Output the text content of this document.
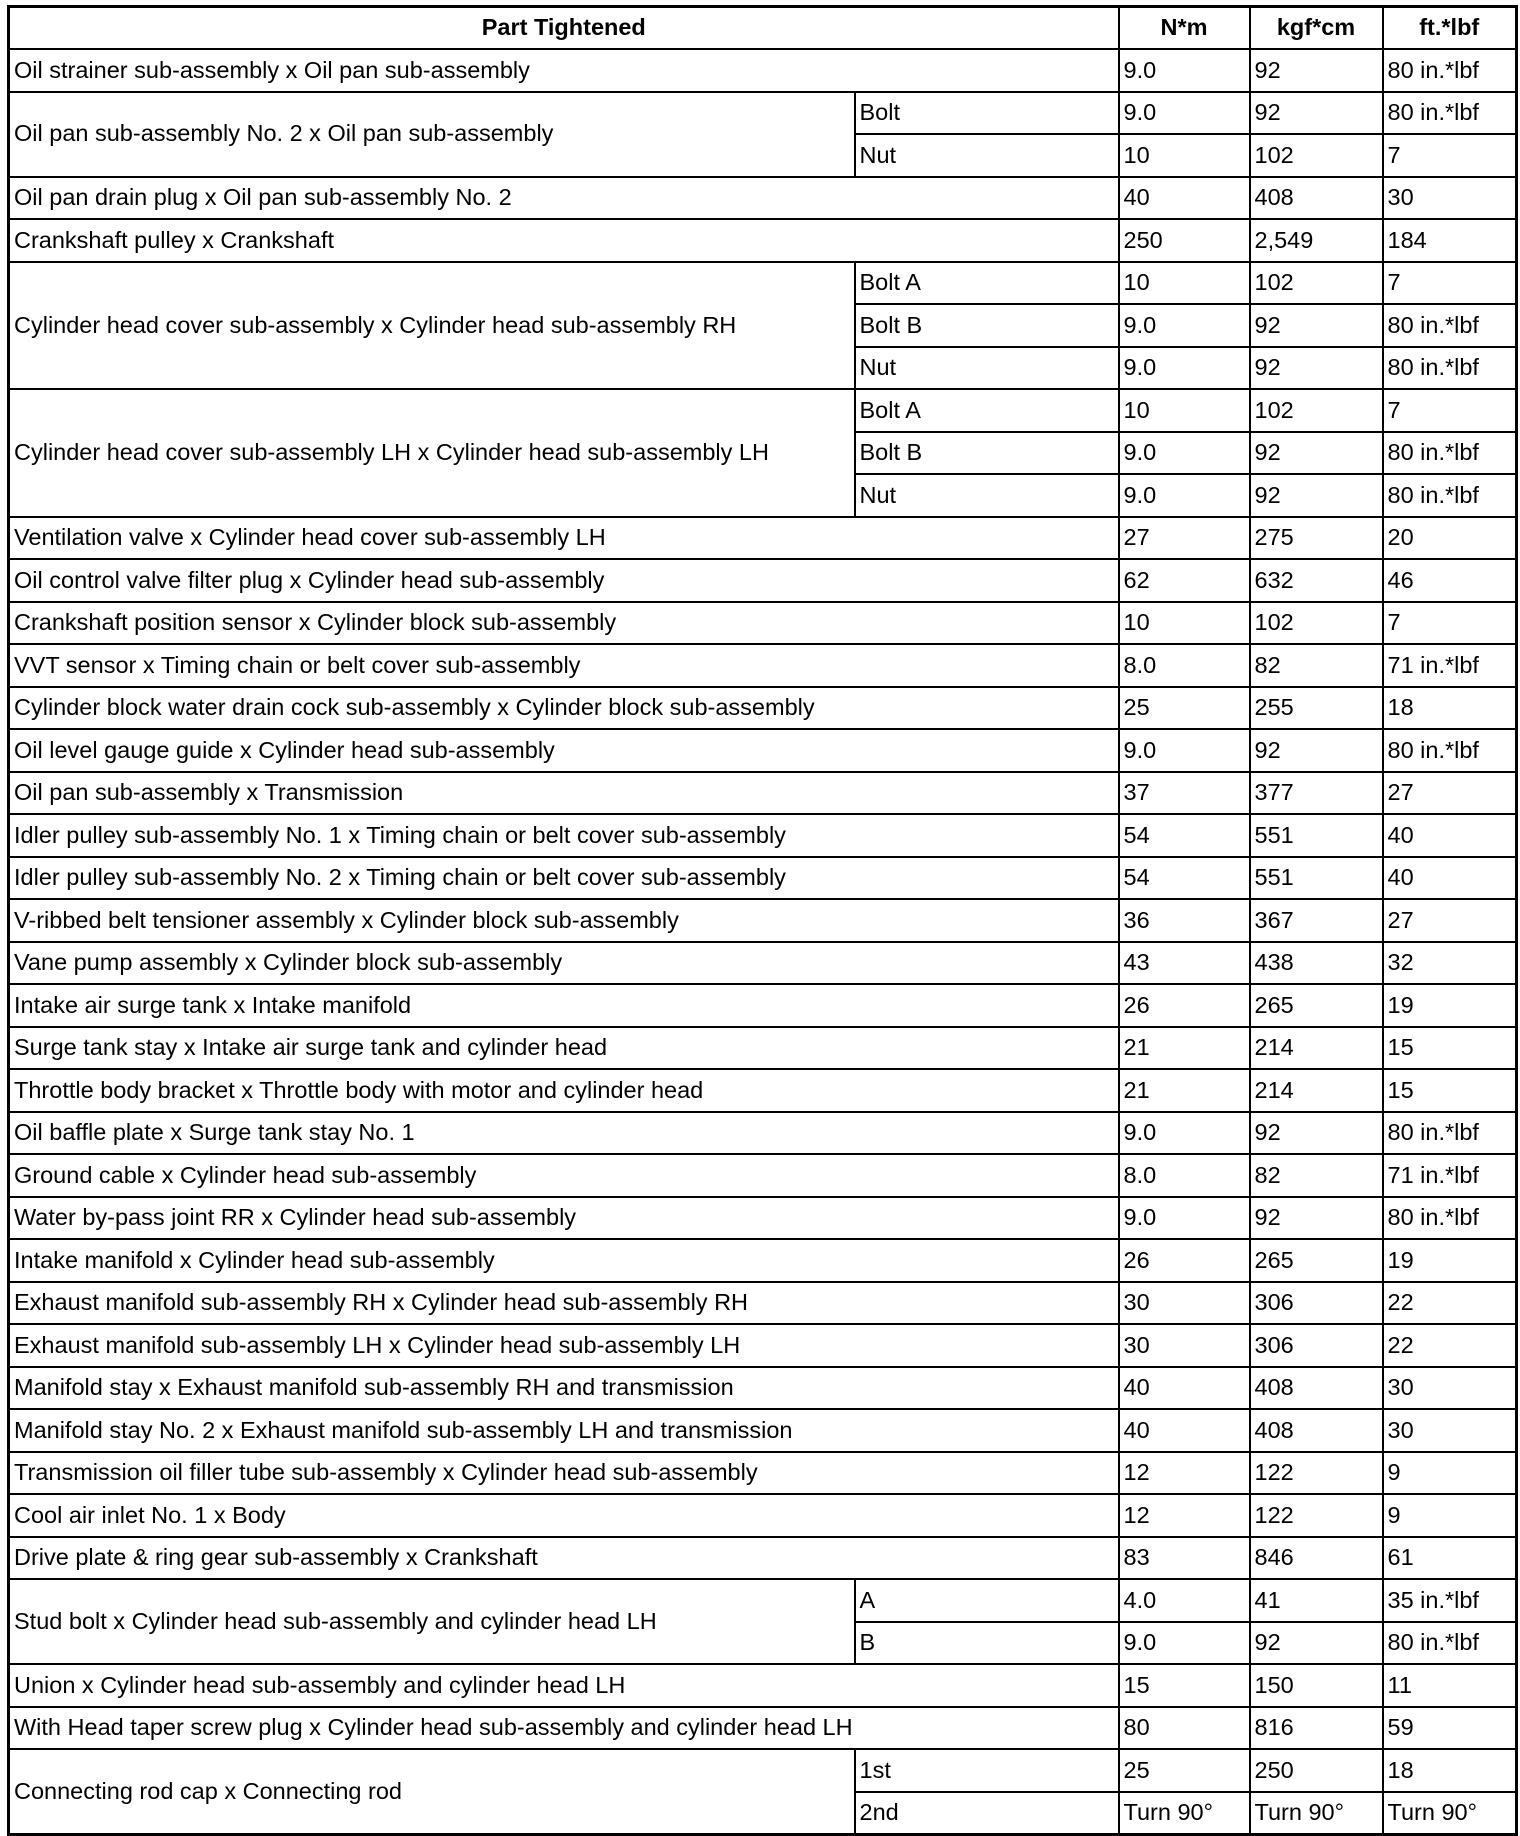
Part Tightened		N*m	kgf*cm	ft.*lbf
Oil strainer sub-assembly x Oil pan sub-assembly		9.0	92	80 in.*lbf
Oil pan sub-assembly No. 2 x Oil pan sub-assembly	Bolt	9.0	92	80 in.*lbf
	Nut	10	102	7
Oil pan drain plug x Oil pan sub-assembly No. 2		40	408	30
Crankshaft pulley x Crankshaft		250	2,549	184
Cylinder head cover sub-assembly x Cylinder head sub-assembly RH	Bolt A	10	102	7
	Bolt B	9.0	92	80 in.*lbf
	Nut	9.0	92	80 in.*lbf
Cylinder head cover sub-assembly LH x Cylinder head sub-assembly LH	Bolt A	10	102	7
	Bolt B	9.0	92	80 in.*lbf
	Nut	9.0	92	80 in.*lbf
Ventilation valve x Cylinder head cover sub-assembly LH		27	275	20
Oil control valve filter plug x Cylinder head sub-assembly		62	632	46
Crankshaft position sensor x Cylinder block sub-assembly		10	102	7
VVT sensor x Timing chain or belt cover sub-assembly		8.0	82	71 in.*lbf
Cylinder block water drain cock sub-assembly x Cylinder block sub-assembly		25	255	18
Oil level gauge guide x Cylinder head sub-assembly		9.0	92	80 in.*lbf
Oil pan sub-assembly x Transmission		37	377	27
Idler pulley sub-assembly No. 1 x Timing chain or belt cover sub-assembly		54	551	40
Idler pulley sub-assembly No. 2 x Timing chain or belt cover sub-assembly		54	551	40
V-ribbed belt tensioner assembly x Cylinder block sub-assembly		36	367	27
Vane pump assembly x Cylinder block sub-assembly		43	438	32
Intake air surge tank x Intake manifold		26	265	19
Surge tank stay x Intake air surge tank and cylinder head		21	214	15
Throttle body bracket x Throttle body with motor and cylinder head		21	214	15
Oil baffle plate x Surge tank stay No. 1		9.0	92	80 in.*lbf
Ground cable x Cylinder head sub-assembly		8.0	82	71 in.*lbf
Water by-pass joint RR x Cylinder head sub-assembly		9.0	92	80 in.*lbf
Intake manifold x Cylinder head sub-assembly		26	265	19
Exhaust manifold sub-assembly RH x Cylinder head sub-assembly RH		30	306	22
Exhaust manifold sub-assembly LH x Cylinder head sub-assembly LH		30	306	22
Manifold stay x Exhaust manifold sub-assembly RH and transmission		40	408	30
Manifold stay No. 2 x Exhaust manifold sub-assembly LH and transmission		40	408	30
Transmission oil filler tube sub-assembly x Cylinder head sub-assembly		12	122	9
Cool air inlet No. 1 x Body		12	122	9
Drive plate & ring gear sub-assembly x Crankshaft		83	846	61
Stud bolt x Cylinder head sub-assembly and cylinder head LH	A	4.0	41	35 in.*lbf
	B	9.0	92	80 in.*lbf
Union x Cylinder head sub-assembly and cylinder head LH		15	150	11
With Head taper screw plug x Cylinder head sub-assembly and cylinder head LH		80	816	59
Connecting rod cap x Connecting rod	1st	25	250	18
	2nd	Turn 90°	Turn 90°	Turn 90°
